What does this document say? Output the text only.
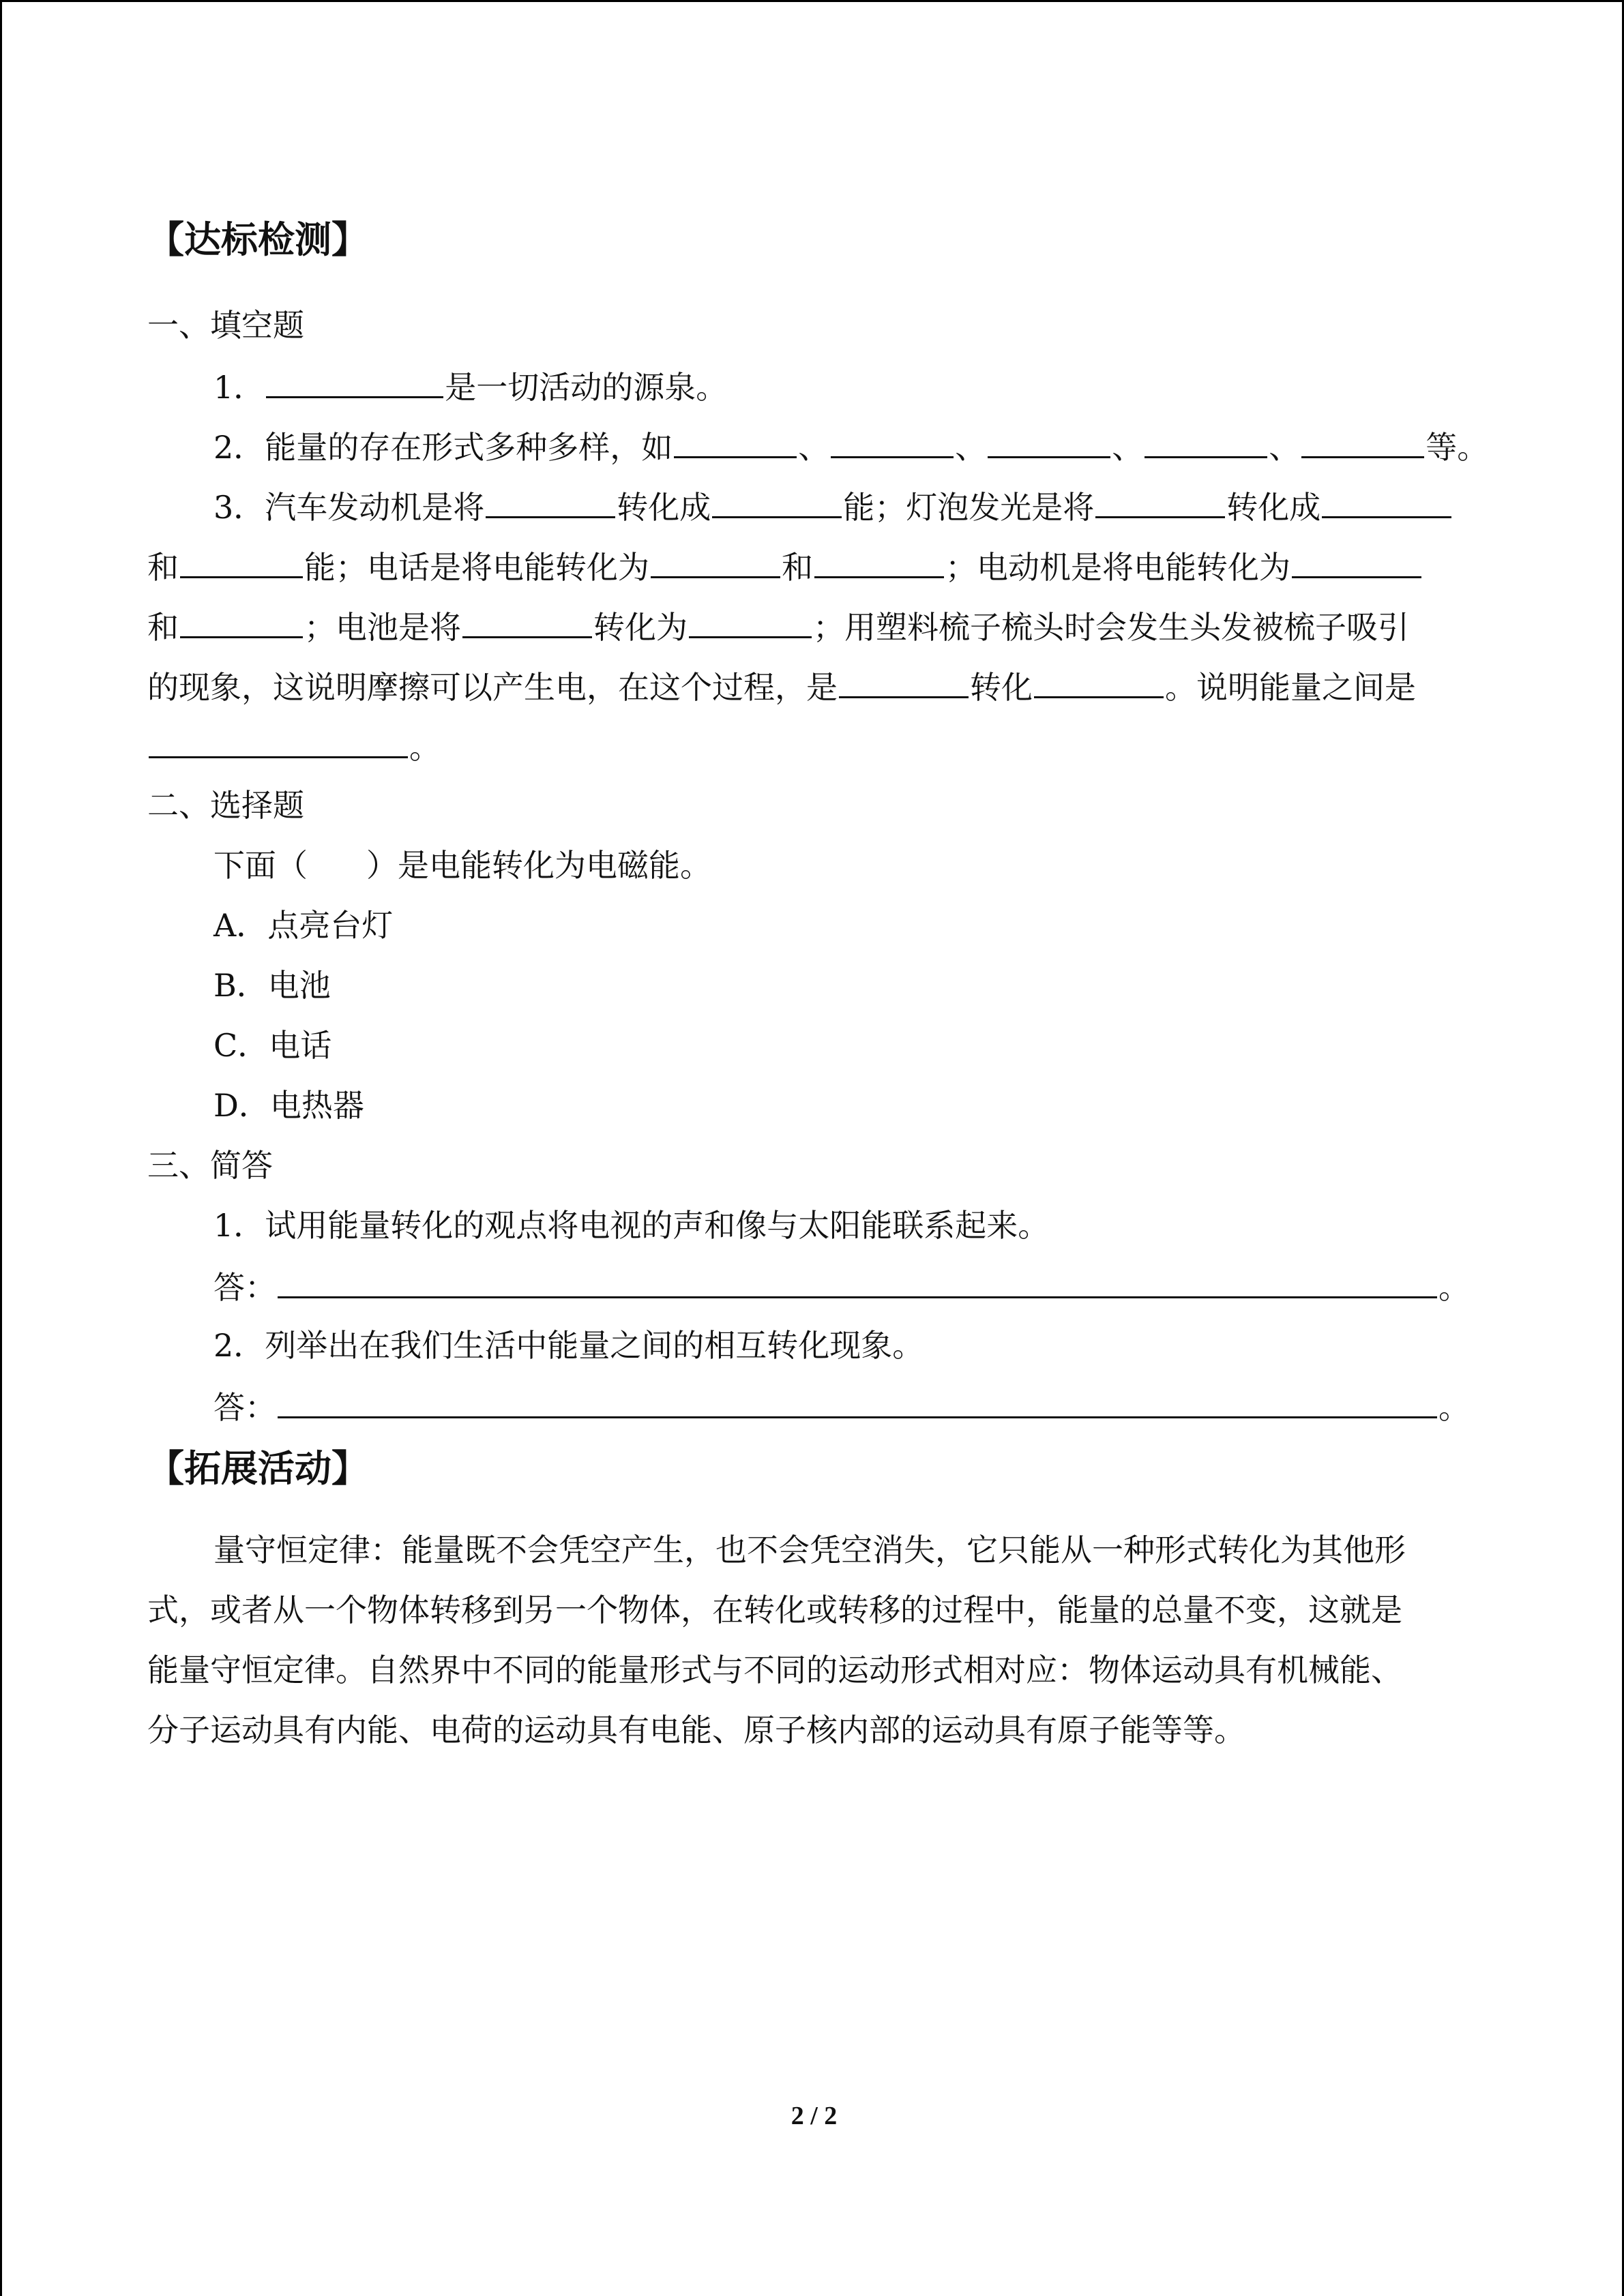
【达标检测】
一、填空题
1．	是一切活动的源泉。
2．能量的存在形式多种多样，如	、	、	、	、	等。
3．汽车发动机是将	转化成	能；灯泡发光是将	转化成
和	能；电话是将电能转化为	和	；电动机是将电能转化为
和	；电池是将	转化为	；用塑料梳子梳头时会发生头发被梳子吸引
的现象，这说明摩擦可以产生电，在这个过程，是	转化	。说明能量之间是
。
二、选择题
下面（ ）是电能转化为电磁能。
A．点亮台灯
B．电池
C．电话
D．电热器
三、简答
1．试用能量转化的观点将电视的声和像与太阳能联系起来。
答：	。
2．列举出在我们生活中能量之间的相互转化现象。
答：	。
【拓展活动】
量守恒定律：能量既不会凭空产生，也不会凭空消失，它只能从一种形式转化为其他形
式，或者从一个物体转移到另一个物体，在转化或转移的过程中，能量的总量不变，这就是
能量守恒定律。自然界中不同的能量形式与不同的运动形式相对应：物体运动具有机械能、
分子运动具有内能、电荷的运动具有电能、原子核内部的运动具有原子能等等。
2 / 2
